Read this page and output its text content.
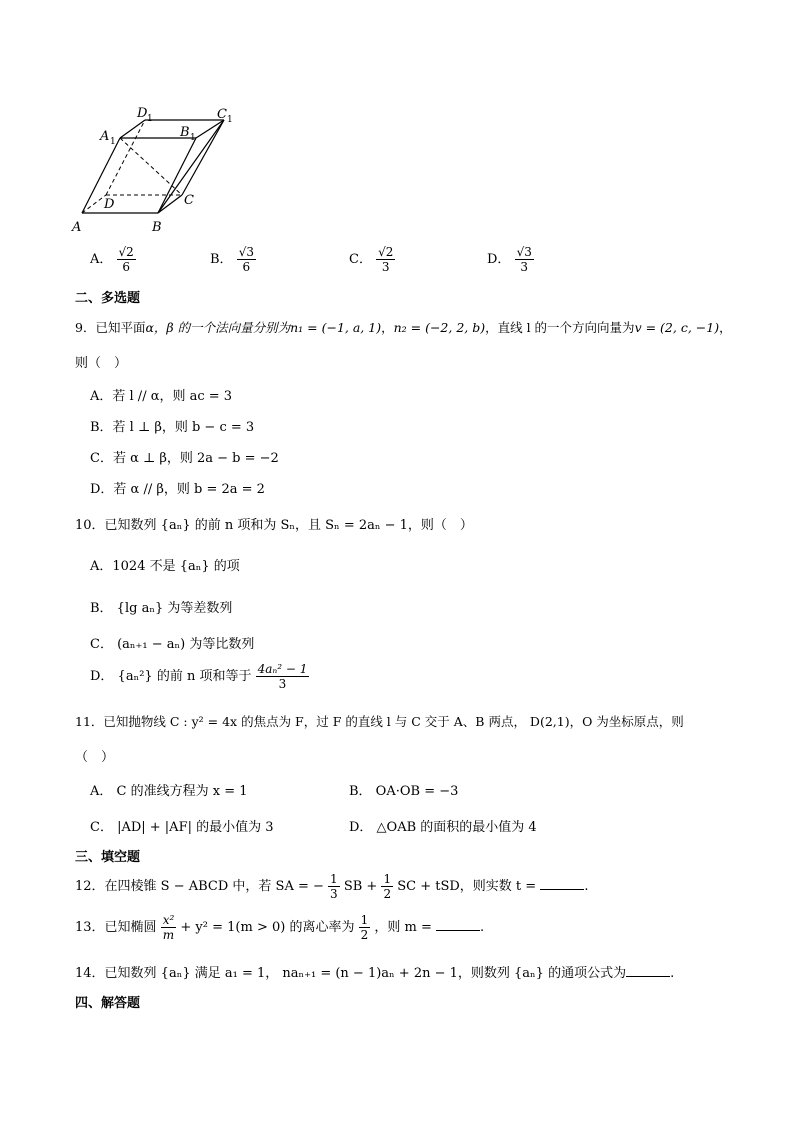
A	B
C
D
A 1
B 1
C 1
D 1
A． $\frac{√2}{6}$	B． $\frac{√3}{6}$	C． $\frac{√2}{3}$	D． $\frac{√3}{3}$
二、多选题
9．已知平面α，β 的一个法向量分别为n₁ = (−1, a, 1)，n₂ = (−2, 2, b)，直线 l 的一个方向向量为v = (2, c, −1)，
则（　）
A．若 l // α，则 ac = 3
B．若 l ⊥ β，则 b − c = 3
C．若 α ⊥ β，则 2a − b = −2
D．若 α // β，则 b = 2a = 2
10．已知数列 {aₙ} 的前 n 项和为 Sₙ，且 Sₙ = 2aₙ − 1，则（　）
A．1024 不是 {aₙ} 的项
B． {lg aₙ} 为等差数列
C． (aₙ₊₁ − aₙ) 为等比数列
D． {aₙ²} 的前 n 项和等于 $\frac{\text{4aₙ² − 1}}{3}$
11．已知抛物线 C : y² = 4x 的焦点为 F，过 F 的直线 l 与 C 交于 A、B 两点， D(2,1)，O 为坐标原点，则
（　）
A． C 的准线方程为 x = 1	B． OA·OB = −3
C． |AD| + |AF| 的最小值为 3	D． △OAB 的面积的最小值为 4
三、填空题
12．在四棱锥 S − ABCD 中，若 SA = − $\frac{1}{3}$ SB + $\frac{1}{2}$ SC + tSD，则实数 t =	.
13．已知椭圆 $\frac{\text{x²}}{m} + y^2 = 1(m > 0)$ 的离心率为 $\frac{1}{2}$ ，则 m =	.
14．已知数列 {aₙ} 满足 a₁ = 1， naₙ₊₁ = (n − 1)aₙ + 2n − 1，则数列 {aₙ} 的通项公式为	.
四、解答题
